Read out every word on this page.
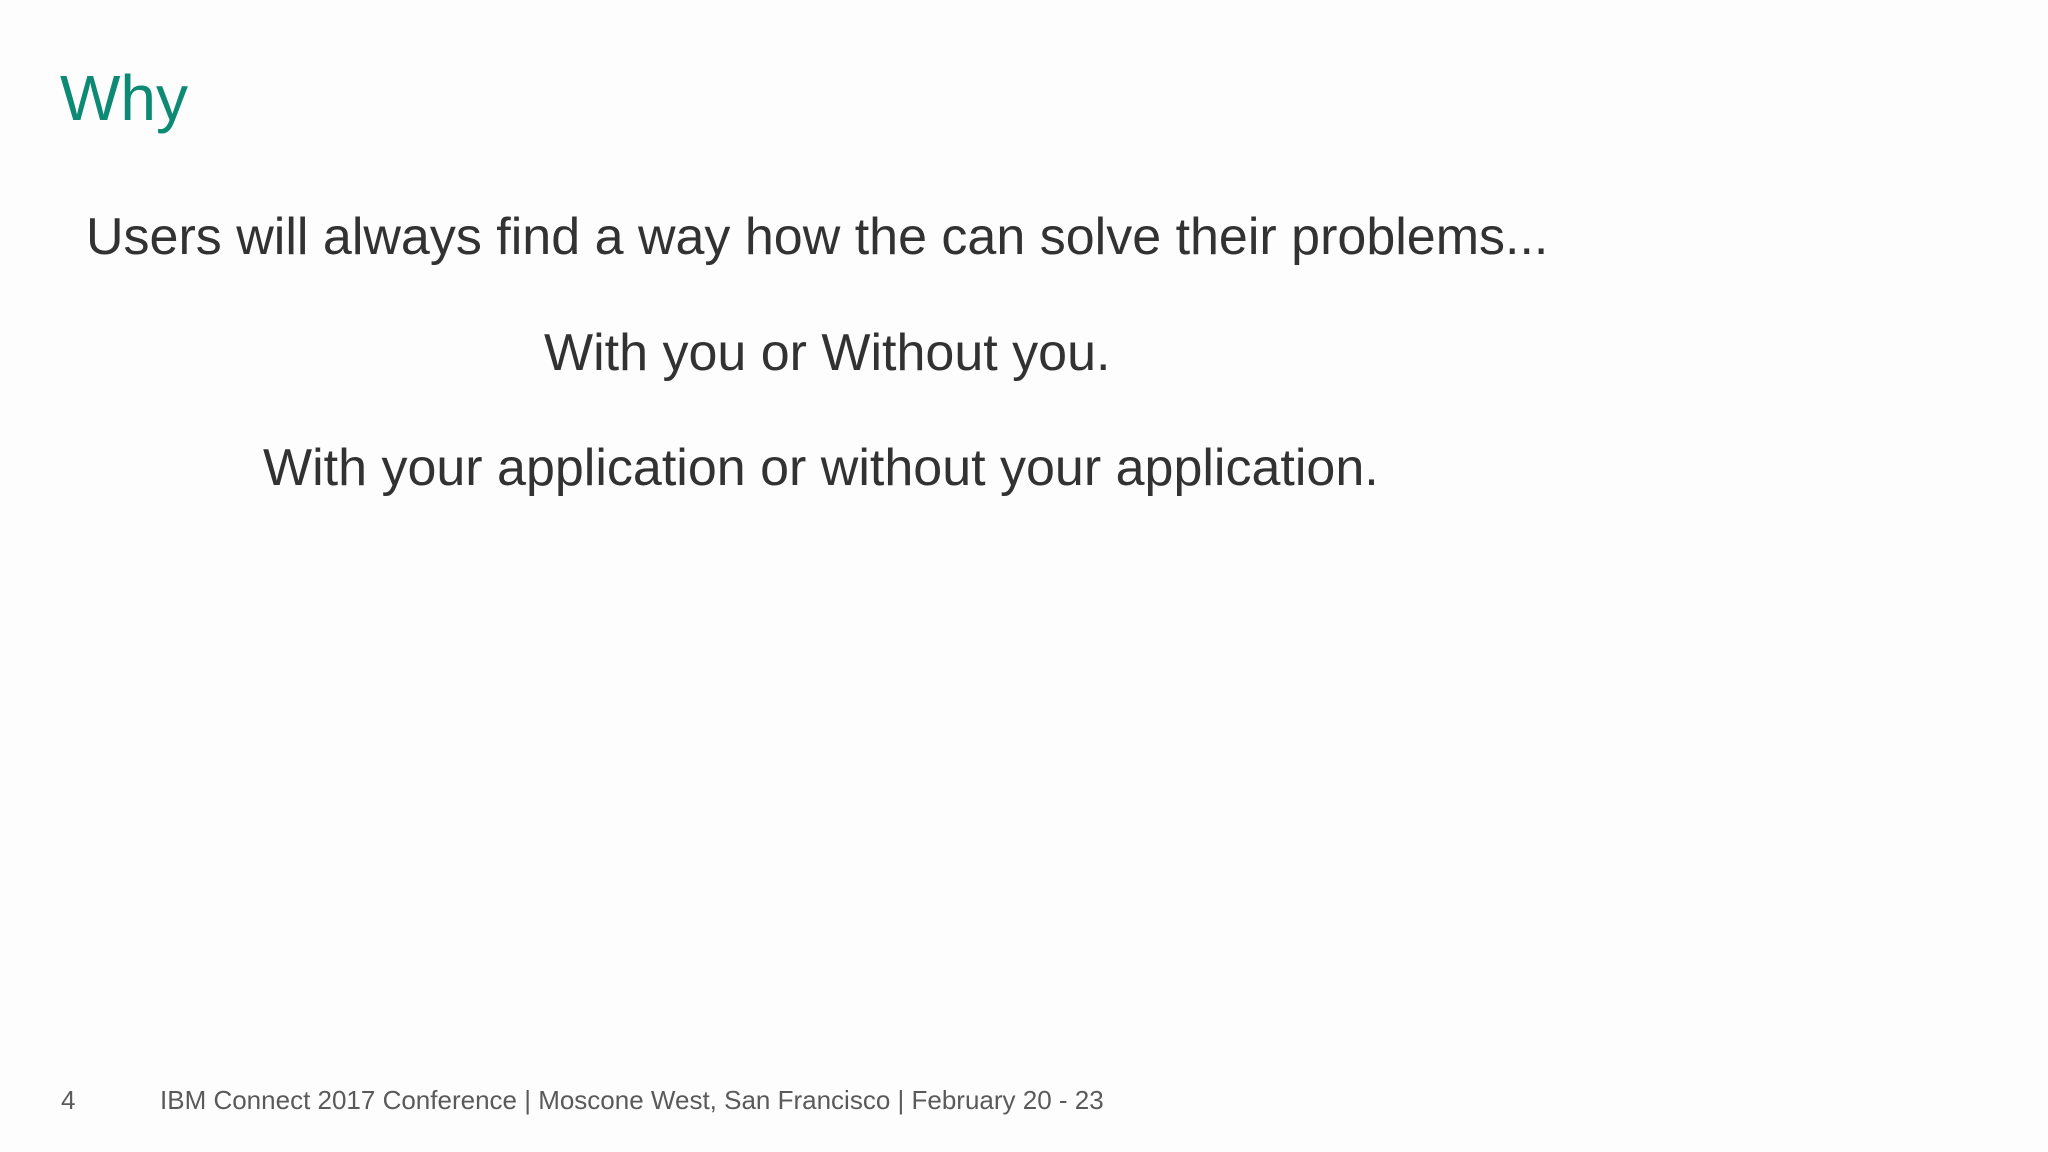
Why

Users will always find a way how the can solve their problems...

With you or Without you.

With your application or without your application.

4	IBM Connect 2017 Conference | Moscone West, San Francisco | February 20 - 23
